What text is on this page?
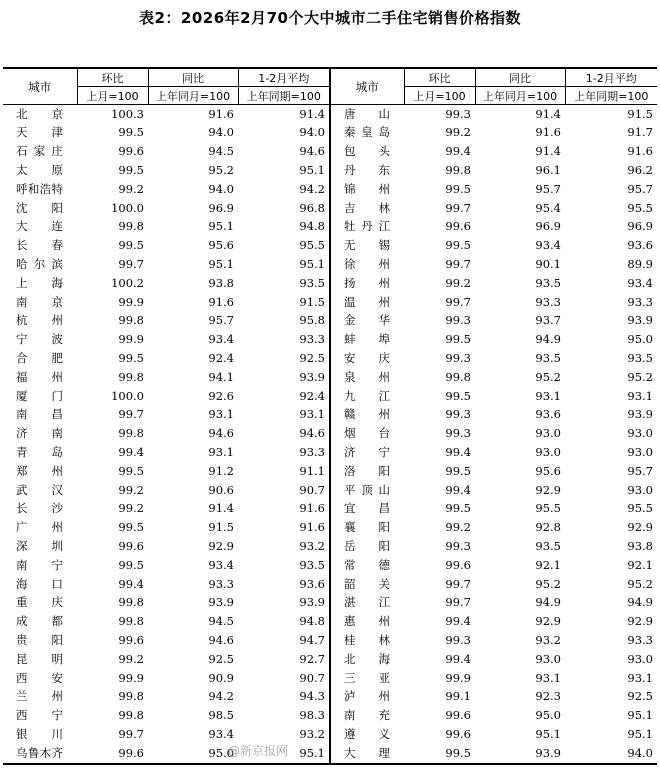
表2：2026年2月70个大中城市二手住宅销售价格指数
城市	环比	同比	1-2月平均	城市	环比	同比	1-2月平均
	上月=100	上年同月=100	上年同期=100		上月=100	上年同月=100	上年同期=100
北京	100.3	91.6	91.4	唐山	99.3	91.4	91.5
天津	99.5	94.0	94.0	秦皇岛	99.2	91.6	91.7
石家庄	99.6	94.5	94.6	包头	99.4	91.4	91.6
太原	99.5	95.2	95.1	丹东	99.8	96.1	96.2
呼和浩特	99.2	94.0	94.2	锦州	99.5	95.7	95.7
沈阳	100.0	96.9	96.8	吉林	99.7	95.4	95.5
大连	99.8	95.1	94.8	牡丹江	99.6	96.9	96.9
长春	99.5	95.6	95.5	无锡	99.5	93.4	93.6
哈尔滨	99.7	95.1	95.1	徐州	99.7	90.1	89.9
上海	100.2	93.8	93.5	扬州	99.2	93.5	93.4
南京	99.9	91.6	91.5	温州	99.7	93.3	93.3
杭州	99.8	95.7	95.8	金华	99.3	93.7	93.9
宁波	99.9	93.4	93.3	蚌埠	99.5	94.9	95.0
合肥	99.5	92.4	92.5	安庆	99.3	93.5	93.5
福州	99.8	94.1	93.9	泉州	99.8	95.2	95.2
厦门	100.0	92.6	92.4	九江	99.5	93.1	93.1
南昌	99.7	93.1	93.1	赣州	99.3	93.6	93.9
济南	99.8	94.6	94.6	烟台	99.3	93.0	93.0
青岛	99.4	93.1	93.3	济宁	99.4	93.0	93.0
郑州	99.5	91.2	91.1	洛阳	99.5	95.6	95.7
武汉	99.2	90.6	90.7	平顶山	99.4	92.9	93.0
长沙	99.2	91.4	91.6	宜昌	99.5	95.5	95.5
广州	99.5	91.5	91.6	襄阳	99.2	92.8	92.9
深圳	99.6	92.9	93.2	岳阳	99.3	93.5	93.8
南宁	99.5	93.4	93.5	常德	99.6	92.1	92.1
海口	99.4	93.3	93.6	韶关	99.7	95.2	95.2
重庆	99.8	93.9	93.9	湛江	99.7	94.9	94.9
成都	99.8	94.5	94.8	惠州	99.4	92.9	92.9
贵阳	99.6	94.6	94.7	桂林	99.3	93.2	93.3
昆明	99.2	92.5	92.7	北海	99.4	93.0	93.0
西安	99.9	90.9	90.7	三亚	99.9	93.1	93.1
兰州	99.8	94.2	94.3	泸州	99.1	92.3	92.5
西宁	99.8	98.5	98.3	南充	99.6	95.0	95.1
银川	99.7	93.4	93.2	遵义	99.6	95.1	95.1
乌鲁木齐	99.6	95.0	95.1	大理	99.5	93.9	94.0
@新京报网
